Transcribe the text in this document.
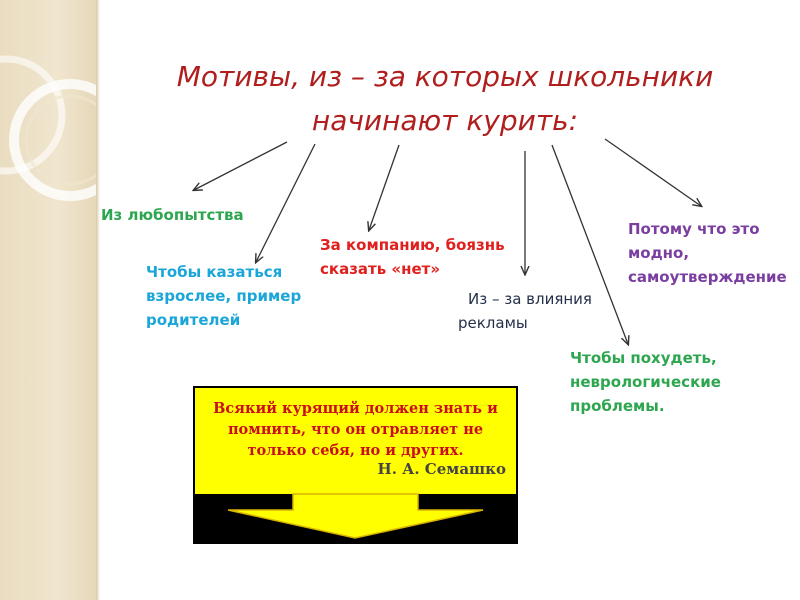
Мотивы, из – за которых школьники
начинают курить:
Из любопытства
Чтобы казаться
взрослее, пример
родителей
За компанию, боязнь
сказать «нет»
Из – за влияния
рекламы
Чтобы похудеть,
неврологические
проблемы.
Потому что это
модно,
самоутверждение
Всякий курящий должен знать и
помнить, что он отравляет не
только себя, но и других.
Н. А. Семашко
